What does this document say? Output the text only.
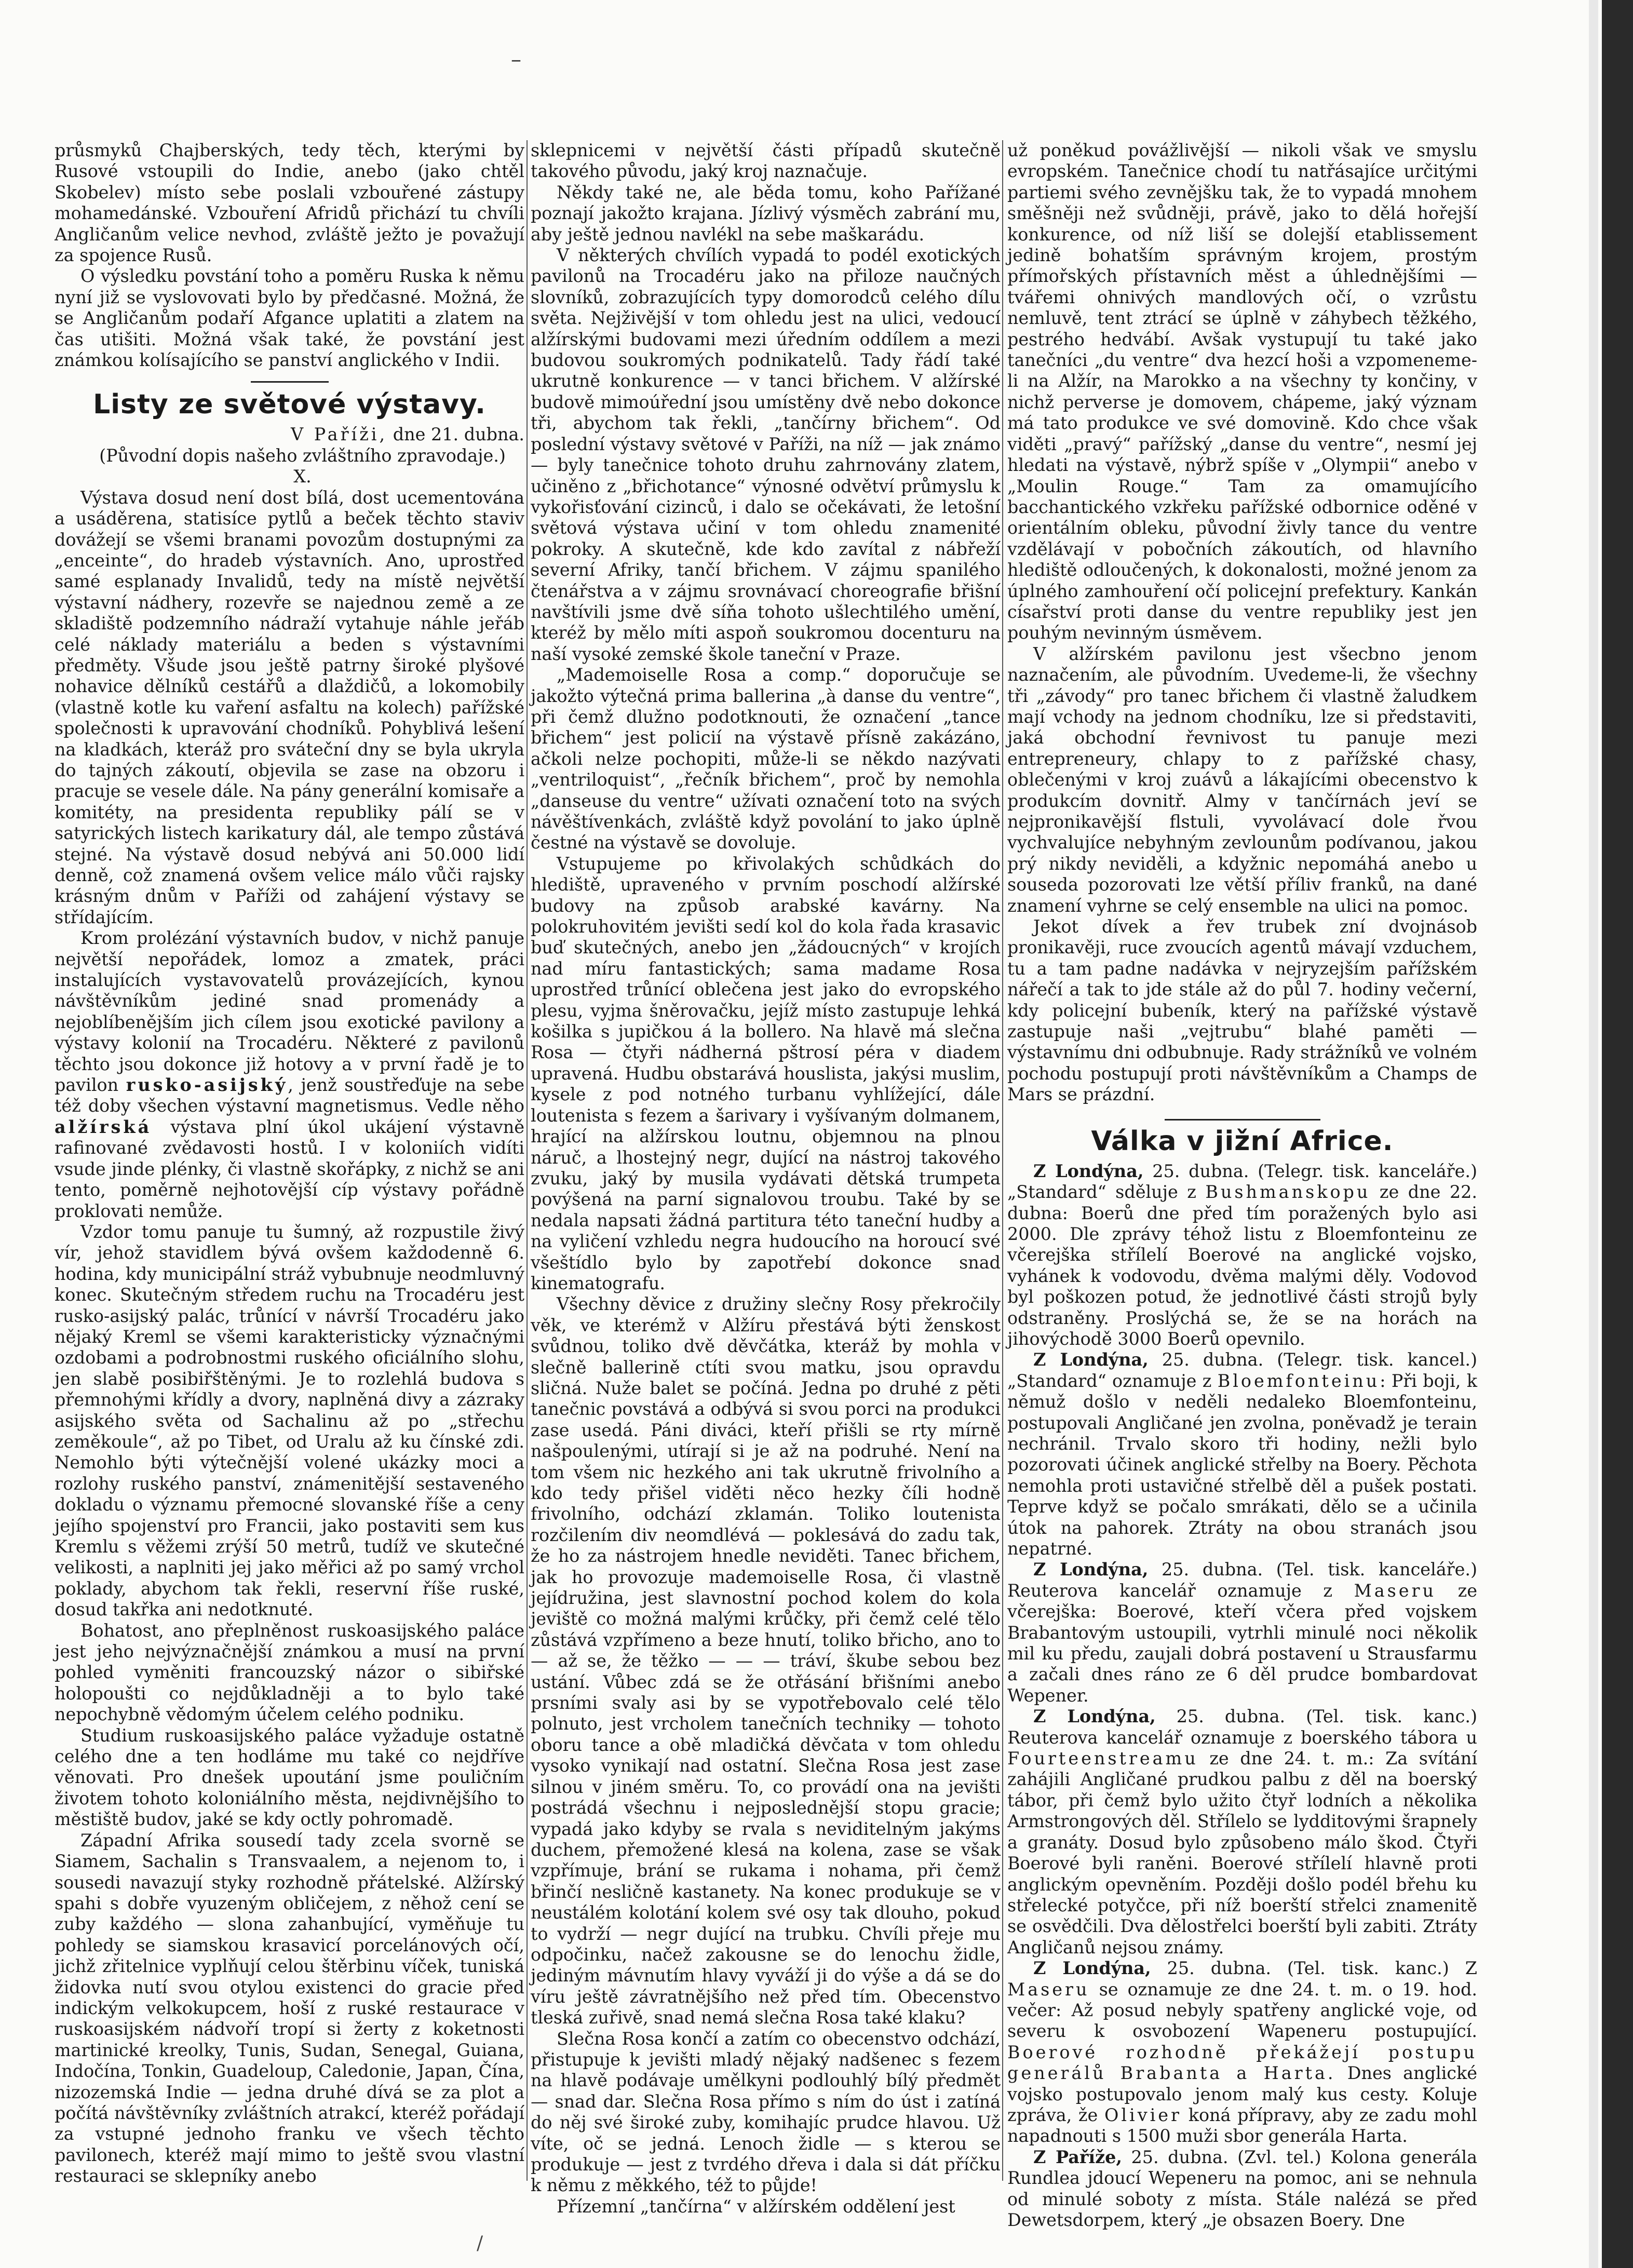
–

průsmyků Chajberských, tedy těch, kterými by Rusové vstoupili do Indie, anebo (jako chtěl Skobelev) místo sebe poslali vzbouřené zástupy mohamedánské. Vzbouření Afridů přichází tu chvíli Angličanům velice nevhod, zvláště ježto je považují za spojence Rusů.

O výsledku povstání toho a poměru Ruska k němu nyní již se vyslovovati bylo by předčasné. Možná, že se Angličanům podaří Afgance uplatiti a zlatem na čas utišiti. Možná však také, že povstání jest známkou kolísajícího se panství anglického v Indii.

Listy ze světové výstavy.

V Paříži, dne 21. dubna.

(Původní dopis našeho zvláštního zpravodaje.)

X.

Výstava dosud není dost bílá, dost ucementována a usáděrena, statisíce pytlů a beček těchto staviv dovážejí se všemi branami povozům dostupnými za „enceinte“, do hradeb výstavních. Ano, uprostřed samé esplanady Invalidů, tedy na místě největší výstavní nádhery, rozevře se najednou země a ze skladiště podzemního nádraží vytahuje náhle jeřáb celé náklady materiálu a beden s výstavními předměty. Všude jsou ještě patrny široké plyšové nohavice dělníků cestářů a dlaždičů, a lokomobily (vlastně kotle ku vaření asfaltu na kolech) pařížské společnosti k upravování chodníků. Pohyblivá lešení na kladkách, kteráž pro sváteční dny se byla ukryla do tajných zákoutí, objevila se zase na obzoru i pracuje se vesele dále. Na pány generální komisaře a komitéty, na presidenta republiky pálí se v satyrických listech karikatury dál, ale tempo zůstává stejné. Na výstavě dosud nebývá ani 50.000 lidí denně, což znamená ovšem velice málo vůči rajsky krásným dnům v Paříži od zahájení výstavy se střídajícím.

Krom prolézání výstavních budov, v nichž panuje největší nepořádek, lomoz a zmatek, práci instalujících vystavovatelů provázejících, kynou návštěvníkům jediné snad promenády a nejoblíbenějším jich cílem jsou exotické pavilony a výstavy kolonií na Trocadéru. Některé z pavilonů těchto jsou dokonce již hotovy a v první řadě je to pavilon rusko-asijský, jenž soustřeďuje na sebe též doby všechen výstavní magnetismus. Vedle něho alžírská výstava plní úkol ukájení výstavně rafinované zvědavosti hostů. I v koloniích vidíti vsude jinde plénky, či vlastně skořápky, z nichž se ani tento, poměrně nejhotovější cíp výstavy pořádně proklovati nemůže.

Vzdor tomu panuje tu šumný, až rozpustile živý vír, jehož stavidlem bývá ovšem každodenně 6. hodina, kdy municipální stráž vybubnuje neodmluvný konec. Skutečným středem ruchu na Trocadéru jest rusko-asijský palác, trůnící v návrší Trocadéru jako nějaký Kreml se všemi karakteristicky význačnými ozdobami a podrobnostmi ruského oficiálního slohu, jen slabě posibiřštěnými. Je to rozlehlá budova s přemnohými křídly a dvory, naplněná divy a zázraky asijského světa od Sachalinu až po „střechu zeměkoule“, až po Tibet, od Uralu až ku čínské zdi. Nemohlo býti výtečnější volené ukázky moci a rozlohy ruského panství, známenitější sestaveného dokladu o významu přemocné slovanské říše a ceny jejího spojenství pro Francii, jako postaviti sem kus Kremlu s věžemi zrýší 50 metrů, tudíž ve skutečné velikosti, a naplniti jej jako měřici až po samý vrchol poklady, abychom tak řekli, reservní říše ruské, dosud takřka ani nedotknuté.

Bohatost, ano přeplněnost ruskoasijského paláce jest jeho nejvýznačnější známkou a musí na první pohled vyměniti francouzský názor o sibiřské holopoušti co nejdůkladněji a to bylo také nepochybně vědomým účelem celého podniku.

Studium ruskoasijského paláce vyžaduje ostatně celého dne a ten hodláme mu také co nejdříve věnovati. Pro dnešek upoutání jsme pouličním životem tohoto koloniálního města, nejdivnějšího to městiště budov, jaké se kdy octly pohromadě.

Západní Afrika sousedí tady zcela svorně se Siamem, Sachalin s Transvaalem, a nejenom to, i sousedi navazují styky rozhodně přátelské. Alžírský spahi s dobře vyuzeným obličejem, z něhož cení se zuby každého — slona zahanbující, vyměňuje tu pohledy se siamskou krasavicí porcelánových očí, jichž zřitelnice vyplňují celou štěrbinu víček, tuniská židovka nutí svou otylou existenci do gracie před indickým velkokupcem, hoší z ruské restaurace v ruskoasijském nádvoří tropí si žerty z koketnosti martinické kreolky, Tunis, Sudan, Senegal, Guiana, Indočína, Tonkin, Guadeloup, Caledonie, Japan, Čína, nizozemská Indie — jedna druhé dívá se za plot a počítá návštěvníky zvláštních atrakcí, kteréž pořádají za vstupné jednoho franku ve všech těchto pavilonech, kteréž mají mimo to ještě svou vlastní restauraci se sklepníky anebo

sklepnicemi v největší části případů skutečně takového původu, jaký kroj naznačuje.

Někdy také ne, ale běda tomu, koho Pařížané poznají jakožto krajana. Jízlivý výsměch zabrání mu, aby ještě jednou navlékl na sebe maškarádu.

V některých chvílích vypadá to podél exotických pavilonů na Trocadéru jako na přiloze naučných slovníků, zobrazujících typy domorodců celého dílu světa. Nejživější v tom ohledu jest na ulici, vedoucí alžírskými budovami mezi úředním oddílem a mezi budovou soukromých podnikatelů. Tady řádí také ukrutně konkurence — v tanci břichem. V alžírské budově mimoúřední jsou umístěny dvě nebo dokonce tři, abychom tak řekli, „tančírny břichem“. Od poslední výstavy světové v Paříži, na níž — jak známo — byly tanečnice tohoto druhu zahrnovány zlatem, učiněno z „břichotance“ výnosné odvětví průmyslu k vykořisťování cizinců, i dalo se očekávati, že letošní světová výstava učiní v tom ohledu znamenité pokroky. A skutečně, kde kdo zavítal z nábřeží severní Afriky, tančí břichem. V zájmu spanilého čtenářstva a v zájmu srovnávací choreografie břišní navštívili jsme dvě síňa tohoto ušlechtilého umění, kteréž by mělo míti aspoň soukromou docenturu na naší vysoké zemské škole taneční v Praze.

„Mademoiselle Rosa a comp.“ doporučuje se jakožto výtečná prima ballerina „à danse du ventre“, při čemž dlužno podotknouti, že označení „tance břichem“ jest policií na výstavě přísně zakázáno, ačkoli nelze pochopiti, může-li se někdo nazývati „ventriloquist“, „řečník břichem“, proč by nemohla „danseuse du ventre“ užívati označení toto na svých návěštívenkách, zvláště když povolání to jako úplně čestné na výstavě se dovoluje.

Vstupujeme po křivolakých schůdkách do hlediště, upraveného v prvním poschodí alžírské budovy na způsob arabské kavárny. Na polokruhovitém jevišti sedí kol do kola řada krasavic buď skutečných, anebo jen „žádoucných“ v krojích nad míru fantastických; sama madame Rosa uprostřed trůnící oblečena jest jako do evropského plesu, vyjma šněrovačku, jejíž místo zastupuje lehká košilka s jupičkou á la bollero. Na hlavě má slečna Rosa — čtyři nádherná pštrosí péra v diadem upravená. Hudbu obstarává houslista, jakýsi muslim, kysele z pod notného turbanu vyhlížející, dále loutenista s fezem a šarivary i vyšívaným dolmanem, hrající na alžírskou loutnu, objemnou na plnou náruč, a lhostejný negr, dující na nástroj takového zvuku, jaký by musila vydávati dětská trumpeta povýšená na parní signalovou troubu. Také by se nedala napsati žádná partitura této taneční hudby a na vyličení vzhledu negra hudoucího na horoucí své všeštídlo bylo by zapotřebí dokonce snad kinematografu.

Všechny děvice z družiny slečny Rosy překročily věk, ve kterémž v Alžíru přestává býti ženskost svůdnou, toliko dvě děvčátka, kteráž by mohla v slečně ballerině ctíti svou matku, jsou opravdu sličná. Nuže balet se počíná. Jedna po druhé z pěti tanečnic povstává a odbývá si svou porci na produkci zase usedá. Páni diváci, kteří přišli se rty mírně našpoulenými, utírají si je až na podruhé. Není na tom všem nic hezkého ani tak ukrutně frivolního a kdo tedy přišel viděti něco hezky číli hodně frivolního, odchází zklamán. Toliko loutenista rozčilením div neomdlévá — poklesává do zadu tak, že ho za nástrojem hnedle neviděti. Tanec břichem, jak ho provozuje mademoiselle Rosa, či vlastně jejídružina, jest slavnostní pochod kolem do kola jeviště co možná malými krůčky, při čemž celé tělo zůstává vzpřímeno a beze hnutí, toliko břicho, ano to — až se, že těžko — — — tráví, škube sebou bez ustání. Vůbec zdá se že otřásání břišními anebo prsními svaly asi by se vypotřebovalo celé tělo polnuto, jest vrcholem tanečních techniky — tohoto oboru tance a obě mladičká děvčata v tom ohledu vysoko vynikají nad ostatní. Slečna Rosa jest zase silnou v jiném směru. To, co provádí ona na jevišti postrádá všechnu i nejposlednější stopu gracie; vypadá jako kdyby se rvala s neviditelným jakýms duchem, přemožené klesá na kolena, zase se však vzpřímuje, brání se rukama i nohama, při čemž břinčí nesličně kastanety. Na konec produkuje se v neustálém kolotání kolem své osy tak dlouho, pokud to vydrží — negr dující na trubku. Chvíli přeje mu odpočinku, načež zakousne se do lenochu židle, jediným mávnutím hlavy vyváží ji do výše a dá se do víru ještě závratnějšího než před tím. Obecenstvo tleská zuřivě, snad nemá slečna Rosa také klaku?

Slečna Rosa končí a zatím co obecenstvo odchází, přistupuje k jevišti mladý nějaký nadšenec s fezem na hlavě podávaje umělkyni podlouhlý bílý předmět — snad dar. Slečna Rosa přímo s ním do úst i zatíná do něj své široké zuby, komihajíc prudce hlavou. Už víte, oč se jedná. Lenoch židle — s kterou se produkuje — jest z tvrdého dřeva i dala si dát příčku k němu z měkkého, též to půjde!

Přízemní „tančírna“ v alžírském oddělení jest

už poněkud povážlivější — nikoli však ve smyslu evropském. Tanečnice chodí tu natřásajíce určitými partiemi svého zevnějšku tak, že to vypadá mnohem směšněji než svůdněji, právě, jako to dělá hořejší konkurence, od níž liší se dolejší etablissement jedině bohatším správným krojem, prostým přímořských přístavních měst a úhlednějšími — tvářemi ohnivých mandlových očí, o vzrůstu nemluvě, tent ztrácí se úplně v záhybech těžkého, pestrého hedvábí. Avšak vystupují tu také jako tanečníci „du ventre“ dva hezcí hoši a vzpomeneme-li na Alžír, na Marokko a na všechny ty končiny, v nichž perverse je domovem, chápeme, jaký význam má tato produkce ve své domovině. Kdo chce však viděti „pravý“ pařížský „danse du ventre“, nesmí jej hledati na výstavě, nýbrž spíše v „Olympii“ anebo v „Moulin Rouge.“ Tam za omamujícího bacchantického vzkřeku pařížské odbornice oděné v orientálním obleku, původní živly tance du ventre vzdělávají v pobočních zákoutích, od hlavního hlediště odloučených, k dokonalosti, možné jenom za úplného zamhouření očí policejní prefektury. Kankán císařství proti danse du ventre republiky jest jen pouhým nevinným úsměvem.

V alžírském pavilonu jest všecbno jenom naznačením, ale původním. Uvedeme-li, že všechny tři „závody“ pro tanec břichem či vlastně žaludkem mají vchody na jednom chodníku, lze si představiti, jaká obchodní řevnivost tu panuje mezi entrepreneury, chlapy to z pařížské chasy, oblečenými v kroj zuávů a lákajícími obecenstvo k produkcím dovnitř. Almy v tančírnách jeví se nejpronikavější flstuli, vyvolávací dole řvou vychvalujíce nebyhným zevlounům podívanou, jakou prý nikdy neviděli, a kdyžnic nepomáhá anebo u souseda pozorovati lze větší příliv franků, na dané znamení vyhrne se celý ensemble na ulici na pomoc.

Jekot dívek a řev trubek zní dvojnásob pronikavěji, ruce zvoucích agentů mávají vzduchem, tu a tam padne nadávka v nejryzejším pařížském nářečí a tak to jde stále až do půl 7. hodiny večerní, kdy policejní bubeník, který na pařížské výstavě zastupuje naši „vejtrubu“ blahé paměti — výstavnímu dni odbubnuje. Rady strážníků ve volném pochodu postupují proti návštěvníkům a Champs de Mars se prázdní.

Válka v jižní Africe.

Z Londýna, 25. dubna. (Telegr. tisk. kanceláře.) „Standard“ sděluje z Bushmanskopu ze dne 22. dubna: Boerů dne před tím poražených bylo asi 2000. Dle zprávy téhož listu z Bloemfonteinu ze včerejška střílelí Boerové na anglické vojsko, vyhánek k vodovodu, dvěma malými děly. Vodovod byl poškozen potud, že jednotlivé části strojů byly odstraněny. Proslýchá se, že se na horách na jihovýchodě 3000 Boerů opevnilo.

Z Londýna, 25. dubna. (Telegr. tisk. kancel.) „Standard“ oznamuje z Bloemfonteinu: Při boji, k němuž došlo v neděli nedaleko Bloemfonteinu, postupovali Angličané jen zvolna, poněvadž je terain nechránil. Trvalo skoro tři hodiny, nežli bylo pozorovati účinek anglické střelby na Boery. Pěchota nemohla proti ustavičné střelbě děl a pušek postati. Teprve když se počalo smrákati, dělo se a učinila útok na pahorek. Ztráty na obou stranách jsou nepatrné.

Z Londýna, 25. dubna. (Tel. tisk. kanceláře.) Reuterova kancelář oznamuje z Maseru ze včerejška: Boerové, kteří včera před vojskem Brabantovým ustoupili, vytrhli minulé noci několik mil ku předu, zaujali dobrá postavení u Strausfarmu a začali dnes ráno ze 6 děl prudce bombardovat Wepener.

Z Londýna, 25. dubna. (Tel. tisk. kanc.) Reuterova kancelář oznamuje z boerského tábora u Fourteenstreamu ze dne 24. t. m.: Za svítání zahájili Angličané prudkou palbu z děl na boerský tábor, při čemž bylo užito čtyř lodních a několika Armstrongových děl. Střílelo se lydditovými šrapnely a granáty. Dosud bylo způsobeno málo škod. Čtyři Boerové byli raněni. Boerové střílelí hlavně proti anglickým opevněním. Později došlo podél břehu ku střelecké potyčce, při níž boerští střelci znamenitě se osvědčili. Dva dělostřelci boerští byli zabiti. Ztráty Angličanů nejsou známy.

Z Londýna, 25. dubna. (Tel. tisk. kanc.) Z Maseru se oznamuje ze dne 24. t. m. o 19. hod. večer: Až posud nebyly spatřeny anglické voje, od severu k osvobození Wapeneru postupující. Boerové rozhodně překážejí postupu generálů Brabanta a Harta. Dnes anglické vojsko postupovalo jenom malý kus cesty. Koluje zpráva, že Olivier koná přípravy, aby ze zadu mohl napadnouti s 1500 muži sbor generála Harta.

Z Paříže, 25. dubna. (Zvl. tel.) Kolona generála Rundlea jdoucí Wepeneru na pomoc, ani se nehnula od minulé soboty z místa. Stále nalézá se před Dewetsdorpem, který „je obsazen Boery. Dne

/
